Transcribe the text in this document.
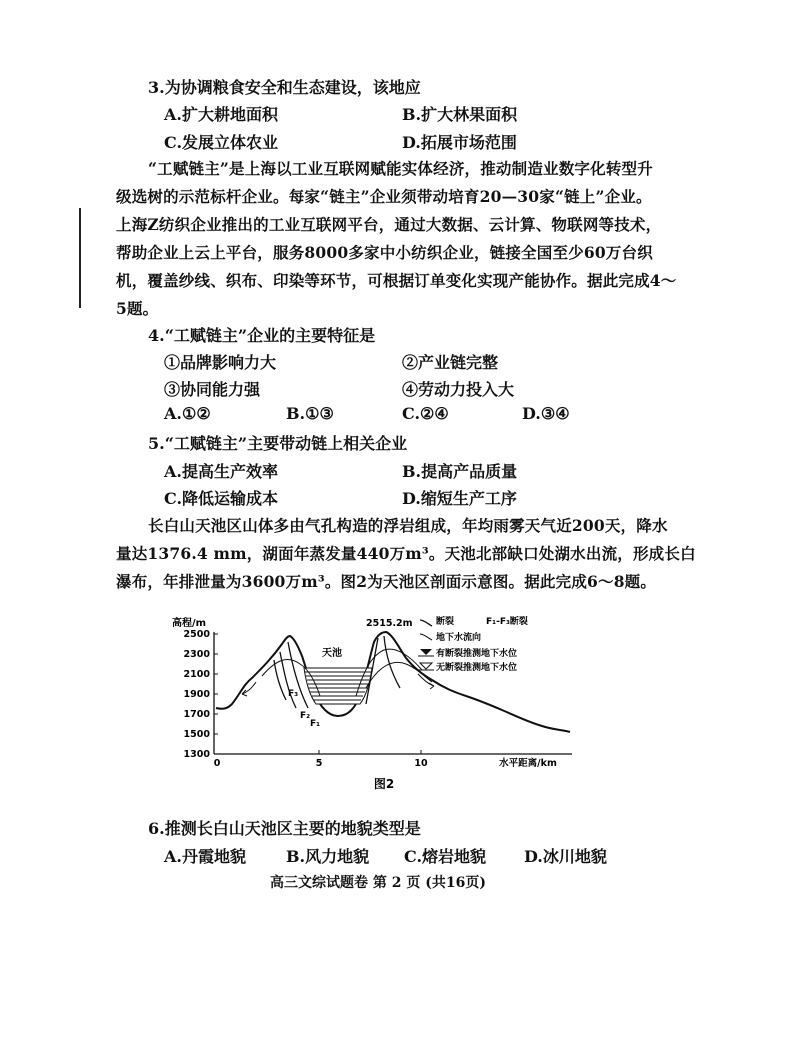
3.为协调粮食安全和生态建设，该地应
A.扩大耕地面积	B.扩大林果面积
C.发展立体农业	D.拓展市场范围
“工赋链主”是上海以工业互联网赋能实体经济，推动制造业数字化转型升
级选树的示范标杆企业。每家“链主”企业须带动培育20—30家“链上”企业。
上海Z纺织企业推出的工业互联网平台，通过大数据、云计算、物联网等技术，
帮助企业上云上平台，服务8000多家中小纺织企业，链接全国至少60万台织
机，覆盖纱线、织布、印染等环节，可根据订单变化实现产能协作。据此完成4～
5题。
4.“工赋链主”企业的主要特征是
①品牌影响力大	②产业链完整
③协同能力强	④劳动力投入大
A.①②	B.①③	C.②④	D.③④
5.“工赋链主”主要带动链上相关企业
A.提高生产效率	B.提高产品质量
C.降低运输成本	D.缩短生产工序
长白山天池区山体多由气孔构造的浮岩组成，年均雨雾天气近200天，降水
量达1376.4 mm，湖面年蒸发量440万m³。天池北部缺口处湖水出流，形成长白
瀑布，年排泄量为3600万m³。图2为天池区剖面示意图。据此完成6～8题。
高程/m
2500
2300
2100
1900
1700
1500
1300
0	5	10	水平距离/km
天池
2515.2m
F₃
F₂
F₁
断裂	F₁-F₃断裂
地下水流向
有断裂推测地下水位
无断裂推测地下水位
图2
6.推测长白山天池区主要的地貌类型是
A.丹霞地貌	B.风力地貌 C.熔岩地貌 D.冰川地貌
高三文综试题卷 第 2 页 (共16页)
